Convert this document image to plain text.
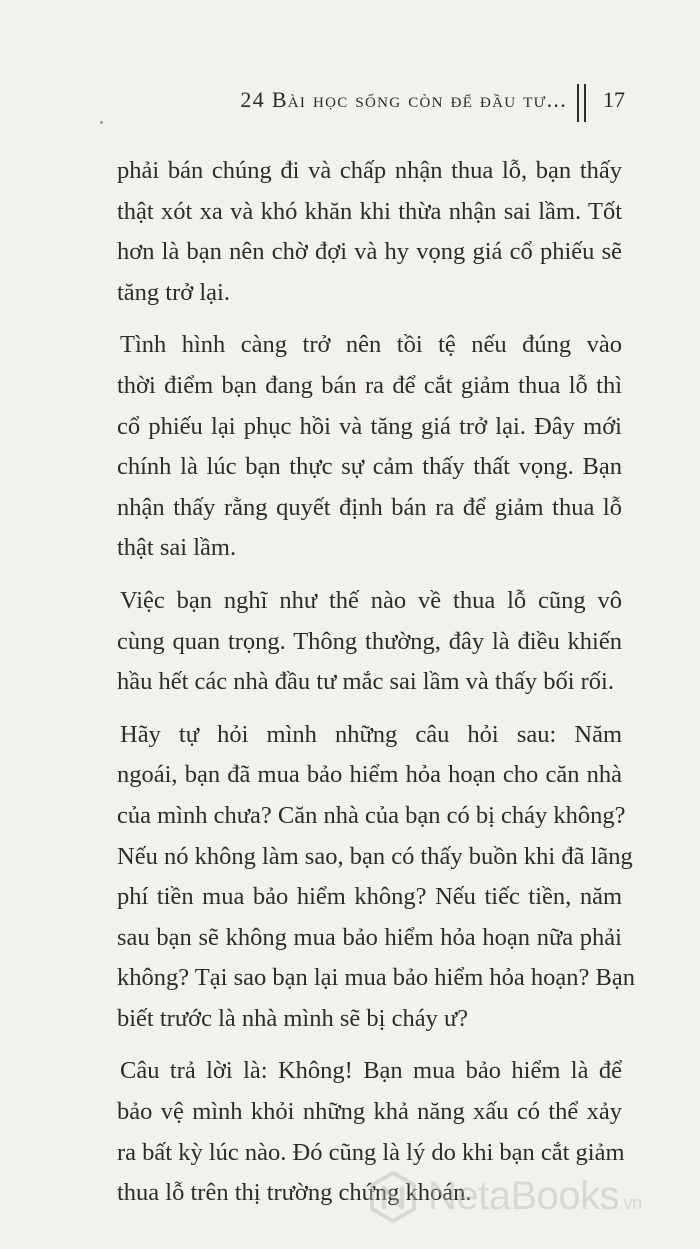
24 Bài học sống còn để đầu tư... 17
phải bán chúng đi và chấp nhận thua lỗ, bạn thấy
thật xót xa và khó khăn khi thừa nhận sai lầm. Tốt
hơn là bạn nên chờ đợi và hy vọng giá cổ phiếu sẽ
tăng trở lại.
Tình hình càng trở nên tồi tệ nếu đúng vào
thời điểm bạn đang bán ra để cắt giảm thua lỗ thì
cổ phiếu lại phục hồi và tăng giá trở lại. Đây mới
chính là lúc bạn thực sự cảm thấy thất vọng. Bạn
nhận thấy rằng quyết định bán ra để giảm thua lỗ
thật sai lầm.
Việc bạn nghĩ như thế nào về thua lỗ cũng vô
cùng quan trọng. Thông thường, đây là điều khiến
hầu hết các nhà đầu tư mắc sai lầm và thấy bối rối.
Hãy tự hỏi mình những câu hỏi sau: Năm
ngoái, bạn đã mua bảo hiểm hỏa hoạn cho căn nhà
của mình chưa? Căn nhà của bạn có bị cháy không?
Nếu nó không làm sao, bạn có thấy buồn khi đã lãng
phí tiền mua bảo hiểm không? Nếu tiếc tiền, năm
sau bạn sẽ không mua bảo hiểm hỏa hoạn nữa phải
không? Tại sao bạn lại mua bảo hiểm hỏa hoạn? Bạn
biết trước là nhà mình sẽ bị cháy ư?
Câu trả lời là: Không! Bạn mua bảo hiểm là để
bảo vệ mình khỏi những khả năng xấu có thể xảy
ra bất kỳ lúc nào. Đó cũng là lý do khi bạn cắt giảm
thua lỗ trên thị trường chứng khoán.
NetaBooks.vn
